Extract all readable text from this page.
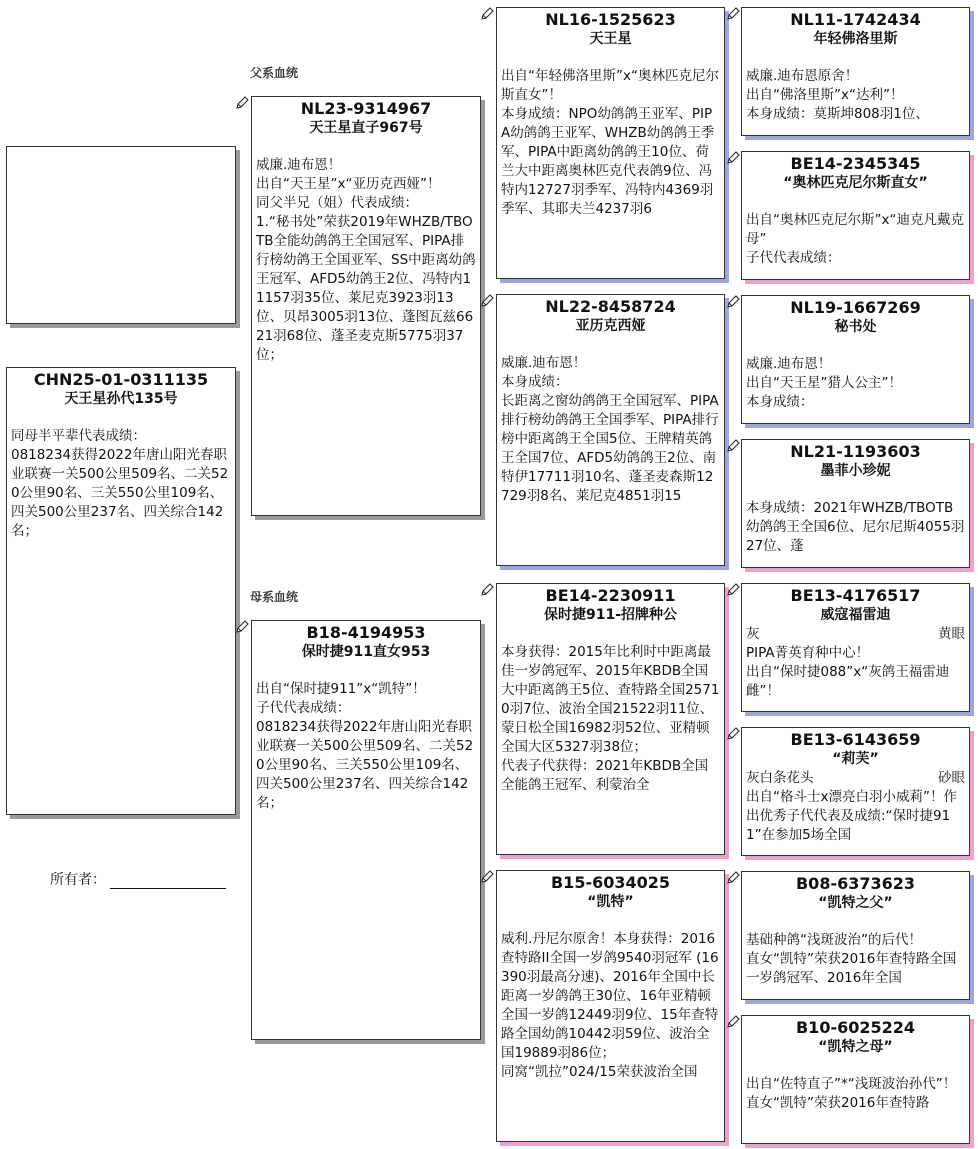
CHN25-01-0311135
天王星孙代135号
同母半平辈代表成绩：
0818234获得2022年唐山阳光春职业联赛一关500公里509名、二关520公里90名、三关550公里109名、四关500公里237名、四关综合142名；
所有者：
父系血统
母系血统
NL23-9314967
天王星直子967号
威廉.迪布恩！
出自“天王星”x“亚历克西娅”！
同父半兄（姐）代表成绩：
1.“秘书处”荣获2019年WHZB/TBOTB全能幼鸽鸽王全国冠军、PIPA排行榜幼鸽王全国亚军、SS中距离幼鸽王冠军、AFD5幼鸽王2位、冯特内11157羽35位、莱尼克3923羽13位、贝昂3005羽13位、蓬图瓦兹6621羽68位、蓬圣麦克斯5775羽37位；
B18-4194953
保时捷911直女953
出自“保时捷911”x“凯特”！
子代代表成绩：
0818234获得2022年唐山阳光春职业联赛一关500公里509名、二关520公里90名、三关550公里109名、四关500公里237名、四关综合142名；
NL16-1525623
天王星
出自“年轻佛洛里斯”x“奥林匹克尼尔斯直女”！
本身成绩：NPO幼鸽鸽王亚军、PIPA幼鸽鸽王亚军、WHZB幼鸽鸽王季军、PIPA中距离幼鸽鸽王10位、荷兰大中距离奥林匹克代表鸽9位、冯特内12727羽季军、冯特内4369羽季军、其耶夫兰4237羽6
NL22-8458724
亚历克西娅
威廉.迪布恩！
本身成绩：
长距离之窗幼鸽鸽王全国冠军、PIPA排行榜幼鸽鸽王全国季军、PIPA排行榜中距离鸽王全国5位、王牌精英鸽王全国7位、AFD5幼鸽鸽王2位、南特伊17711羽10名、蓬圣麦森斯12729羽8名、莱尼克4851羽15
BE14-2230911
保时捷911-招牌种公
本身获得：2015年比利时中距离最佳一岁鸽冠军、2015年KBDB全国大中距离鸽王5位、查特路全国25710羽7位、波治全国21522羽11位、蒙日松全国16982羽52位、亚精顿全国大区5327羽38位；
代表子代获得：2021年KBDB全国全能鸽王冠军、利蒙治全
B15-6034025
“凯特”
威利.丹尼尔原舍！本身获得：2016查特路II全国一岁鸽9540羽冠军 (16390羽最高分速)、2016年全国中长距离一岁鸽鸽王30位、16年亚精顿全国一岁鸽12449羽9位、15年查特路全国幼鸽10442羽59位、波治全国19889羽86位；
同窝“凯拉”024/15荣获波治全国
NL11-1742434
年轻佛洛里斯
威廉.迪布恩原舍！
出自“佛洛里斯”x“达利”！
本身成绩：莫斯坤808羽1位、
BE14-2345345
“奥林匹克尼尔斯直女”
出自“奥林匹克尼尔斯”x“迪克凡戴克母”
子代代表成绩：
NL19-1667269
秘书处
威廉.迪布恩！
出自“天王星”猎人公主”！
本身成绩：
NL21-1193603
墨菲小珍妮
本身成绩：2021年WHZB/TBOTB幼鸽鸽王全国6位、尼尔尼斯4055羽27位、蓬
BE13-4176517
威寇福雷迪
灰	黄眼
PIPA菁英育种中心！
出自“保时捷088”x“灰鸽王福雷迪雌”！
BE13-6143659
“莉芙”
灰白条花头	砂眼
出自“格斗士x漂亮白羽小威莉”！作出优秀子代代表及成绩:“保时捷911”在参加5场全国
B08-6373623
“凯特之父”
基础种鸽“浅斑波治”的后代！
直女“凯特”荣获2016年查特路全国一岁鸽冠军、2016年全国
B10-6025224
“凯特之母”
出自“佐特直子”*“浅斑波治孙代”！
直女“凯特”荣获2016年查特路
